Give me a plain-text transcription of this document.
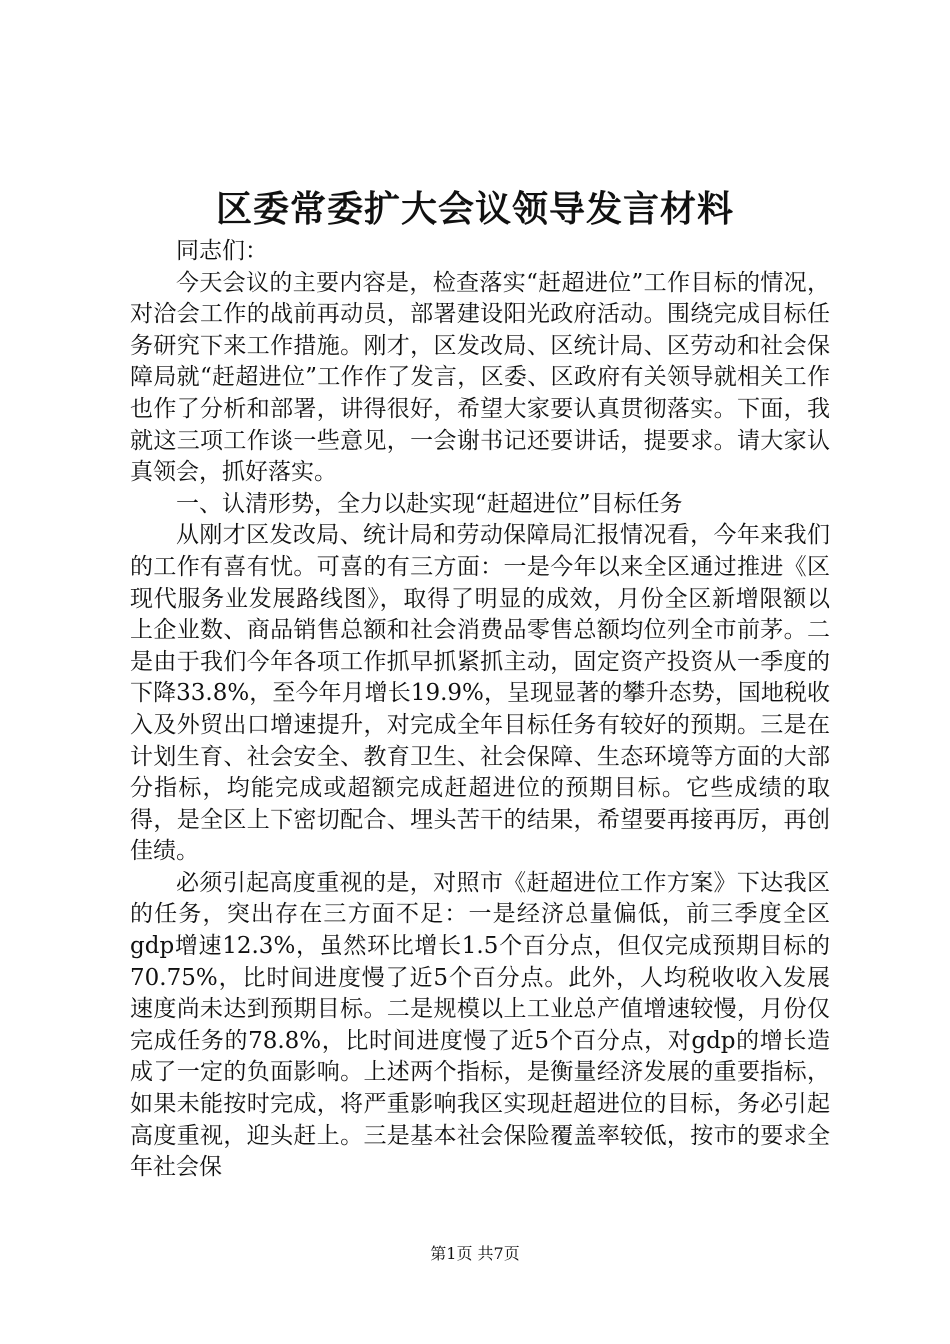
区委常委扩大会议领导发言材料

同志们：

今天会议的主要内容是，检查落实“赶超进位”工作目标的情况，对洽会工作的战前再动员，部署建设阳光政府活动。围绕完成目标任务研究下来工作措施。刚才，区发改局、区统计局、区劳动和社会保障局就“赶超进位”工作作了发言，区委、区政府有关领导就相关工作也作了分析和部署，讲得很好，希望大家要认真贯彻落实。下面，我就这三项工作谈一些意见，一会谢书记还要讲话，提要求。请大家认真领会，抓好落实。

一、认清形势，全力以赴实现“赶超进位”目标任务

从刚才区发改局、统计局和劳动保障局汇报情况看，今年来我们的工作有喜有忧。可喜的有三方面：一是今年以来全区通过推进《区现代服务业发展路线图》，取得了明显的成效，月份全区新增限额以上企业数、商品销售总额和社会消费品零售总额均位列全市前茅。二是由于我们今年各项工作抓早抓紧抓主动，固定资产投资从一季度的下降33.8%，至今年月增长19.9%，呈现显著的攀升态势，国地税收入及外贸出口增速提升，对完成全年目标任务有较好的预期。三是在计划生育、社会安全、教育卫生、社会保障、生态环境等方面的大部分指标，均能完成或超额完成赶超进位的预期目标。它些成绩的取得，是全区上下密切配合、埋头苦干的结果，希望要再接再厉，再创佳绩。

必须引起高度重视的是，对照市《赶超进位工作方案》下达我区的任务，突出存在三方面不足：一是经济总量偏低，前三季度全区gdp增速12.3%，虽然环比增长1.5个百分点，但仅完成预期目标的70.75%，比时间进度慢了近5个百分点。此外，人均税收收入发展速度尚未达到预期目标。二是规模以上工业总产值增速较慢，月份仅完成任务的78.8%，比时间进度慢了近5个百分点，对gdp的增长造成了一定的负面影响。上述两个指标，是衡量经济发展的重要指标，如果未能按时完成，将严重影响我区实现赶超进位的目标，务必引起高度重视，迎头赶上。三是基本社会保险覆盖率较低，按市的要求全年社会保

第1页 共7页
